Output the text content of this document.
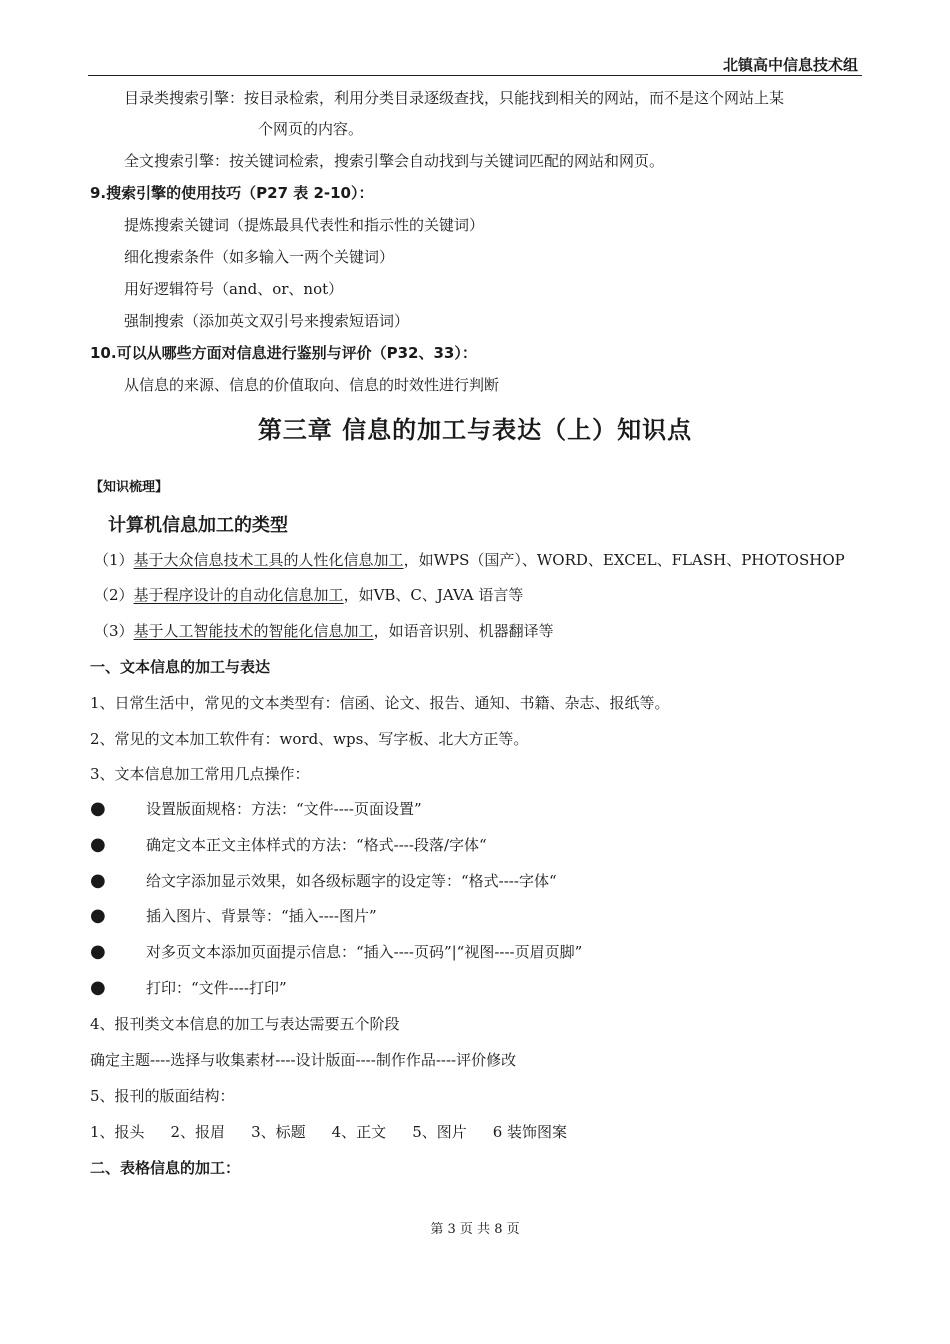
北镇高中信息技术组
目录类搜索引擎：按目录检索，利用分类目录逐级查找，只能找到相关的网站，而不是这个网站上某
个网页的内容。
全文搜索引擎：按关键词检索，搜索引擎会自动找到与关键词匹配的网站和网页。
9.搜索引擎的使用技巧（P27 表 2-10）：
提炼搜索关键词（提炼最具代表性和指示性的关键词）
细化搜索条件（如多输入一两个关键词）
用好逻辑符号（and、or、not）
强制搜索（添加英文双引号来搜索短语词）
10.可以从哪些方面对信息进行鉴别与评价（P32、33）：
从信息的来源、信息的价值取向、信息的时效性进行判断
第三章 信息的加工与表达（上）知识点
【知识梳理】
计算机信息加工的类型
（1）基于大众信息技术工具的人性化信息加工，如WPS（国产）、WORD、EXCEL、FLASH、PHOTOSHOP
（2）基于程序设计的自动化信息加工，如VB、C、JAVA 语言等
（3）基于人工智能技术的智能化信息加工，如语音识别、机器翻译等
一、文本信息的加工与表达
1、日常生活中，常见的文本类型有：信函、论文、报告、通知、书籍、杂志、报纸等。
2、常见的文本加工软件有：word、wps、写字板、北大方正等。
3、文本信息加工常用几点操作：
●	设置版面规格：方法：“文件----页面设置”
●	确定文本正文主体样式的方法：“格式----段落/字体“
●	给文字添加显示效果，如各级标题字的设定等：“格式----字体“
●	插入图片、背景等：“插入----图片”
●	对多页文本添加页面提示信息：“插入----页码”|“视图----页眉页脚”
●	打印：“文件----打印”
4、报刊类文本信息的加工与表达需要五个阶段
确定主题----选择与收集素材----设计版面----制作作品----评价修改
5、报刊的版面结构：
1、报头 2、报眉 3、标题 4、正文 5、图片 6 装饰图案
二、表格信息的加工：
第 3 页 共 8 页
